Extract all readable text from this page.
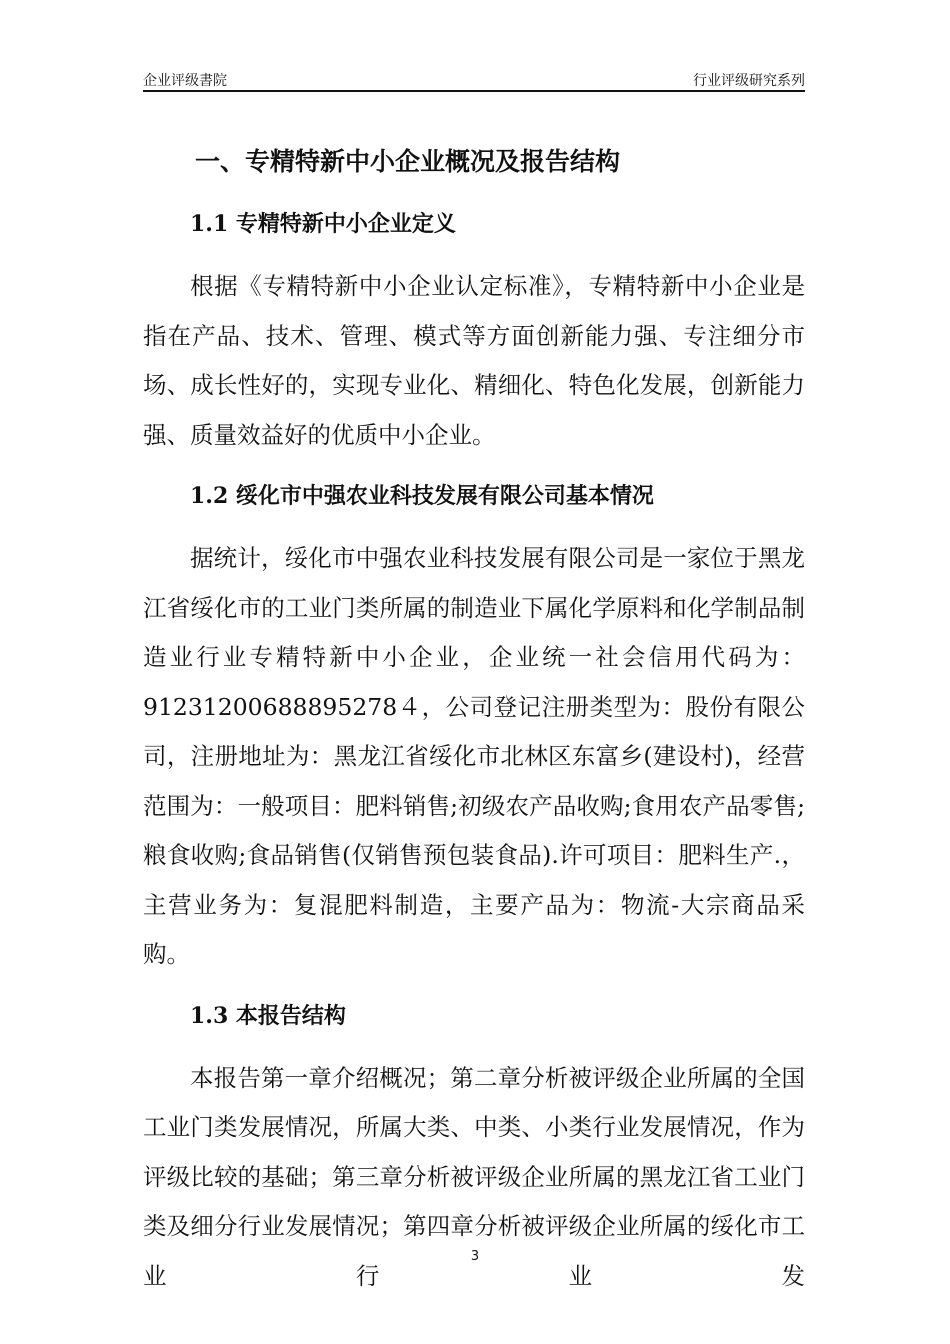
企业评级書院	行业评级研究系列
一、专精特新中小企业概况及报告结构
1.1 专精特新中小企业定义

根据《专精特新中小企业认定标准》，专精特新中小企业是指在产品、技术、管理、模式等方面创新能力强、专注细分市场、成长性好的，实现专业化、精细化、特色化发展，创新能力强、质量效益好的优质中小企业。

1.2 绥化市中强农业科技发展有限公司基本情况

据统计，绥化市中强农业科技发展有限公司是一家位于黑龙江省绥化市的工业门类所属的制造业下属化学原料和化学制品制造业行业专精特新中小企业，企业统一社会信用代码为：91231200688895278４，公司登记注册类型为：股份有限公司，注册地址为：黑龙江省绥化市北林区东富乡(建设村)，经营范围为：一般项目：肥料销售;初级农产品收购;食用农产品零售;粮食收购;食品销售(仅销售预包装食品).许可项目：肥料生产.，主营业务为：复混肥料制造，主要产品为：物流-大宗商品采购。

1.3 本报告结构

本报告第一章介绍概况；第二章分析被评级企业所属的全国工业门类发展情况，所属大类、中类、小类行业发展情况，作为评级比较的基础；第三章分析被评级企业所属的黑龙江省工业门类及细分行业发展情况；第四章分析被评级企业所属的绥化市工业行业发

3
